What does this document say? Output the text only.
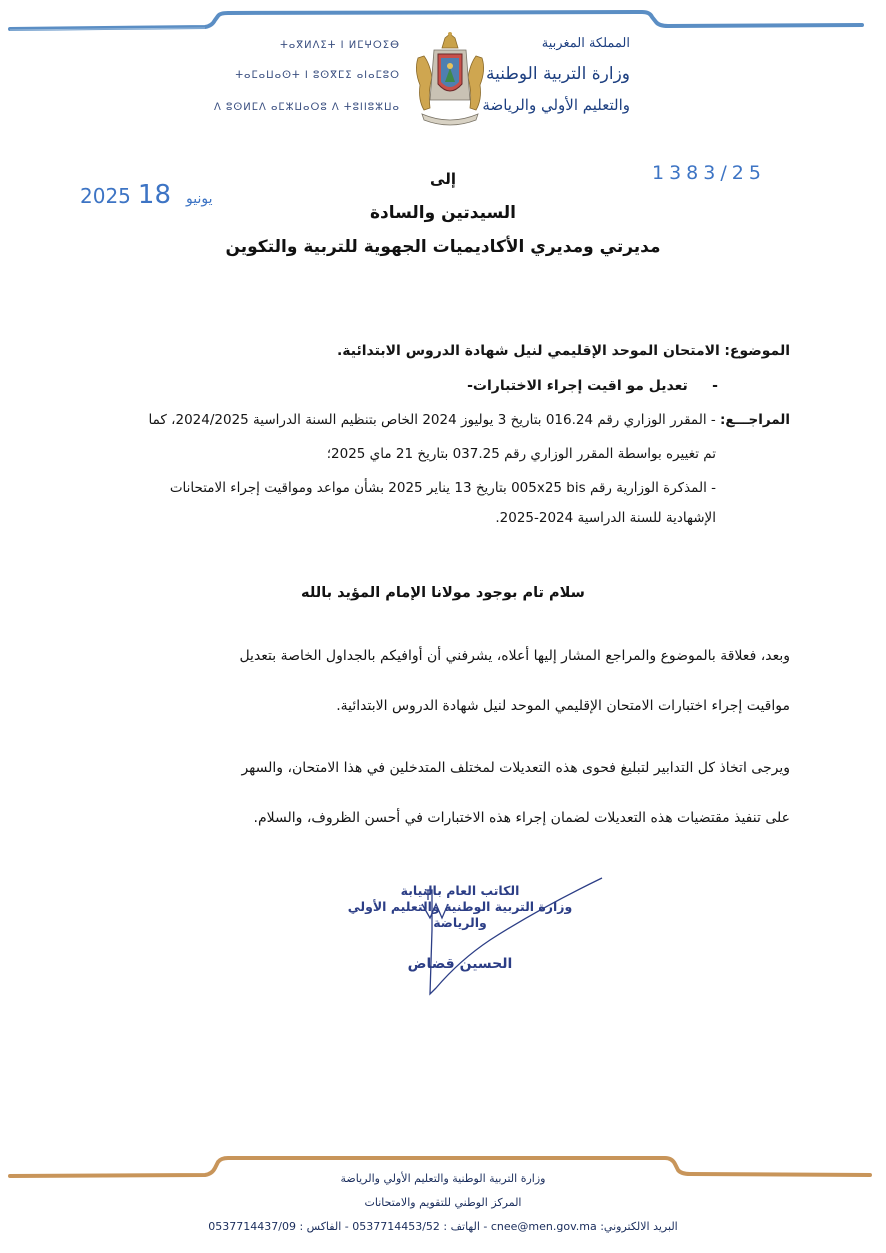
المملكة المغربية
وزارة التربية الوطنية
والتعليم الأولي والرياضة
ⵜⴰⴳⵍⴷⵉⵜ ⵏ ⵍⵎⵖⵔⵉⴱ
ⵜⴰⵎⴰⵡⴰⵙⵜ ⵏ ⵓⵙⴳⵎⵉ ⴰⵏⴰⵎⵓⵔ
ⴷ ⵓⵙⵍⵎⴷ ⴰⵎⵣⵡⴰⵔⵓ ⴷ ⵜⵓⵏⵏⵓⵣⵡⴰ
2025	يونيو 18
1383/25
إلى
السيدتين والسادة
مديرتي ومديري الأكاديميات الجهوية للتربية والتكوين
الموضوع: الامتحان الموحد الإقليمي لنيل شهادة الدروس الابتدائية.
-     تعديل مو اقيت إجراء الاختبارات-
المراجـــع: - المقرر الوزاري رقم 016.24 بتاريخ 3 يوليوز 2024 الخاص بتنظيم السنة الدراسية 2024/2025، كما
تم تغييره بواسطة المقرر الوزاري رقم 037.25 بتاريخ 21 ماي 2025؛
- المذكرة الوزارية رقم 005x25 bis بتاريخ 13 يناير 2025 بشأن مواعد ومواقيت إجراء الامتحانات
الإشهادية للسنة الدراسية 2024-2025.
سلام تام بوجود مولانا الإمام المؤيد بالله
وبعد، فعلاقة بالموضوع والمراجع المشار إليها أعلاه، يشرفني أن أوافيكم بالجداول الخاصة بتعديل
مواقيت إجراء اختبارات الامتحان الإقليمي الموحد لنيل شهادة الدروس الابتدائية.
ويرجى اتخاذ كل التدابير لتبليغ فحوى هذه التعديلات لمختلف المتدخلين في هذا الامتحان، والسهر
على تنفيذ مقتضيات هذه التعديلات لضمان إجراء هذه الاختبارات في أحسن الظروف، والسلام.
الكاتب العام بالنيابة
وزارة التربية الوطنية والتعليم الأولي
والرياضة
الحسين قضاض
وزارة التربية الوطنية والتعليم الأولي والرياضة
المركز الوطني للتقويم والامتحانات
البريد الالكتروني: cnee@men.gov.ma - الهاتف : 0537714453/52 - الفاكس : 0537714437/09
